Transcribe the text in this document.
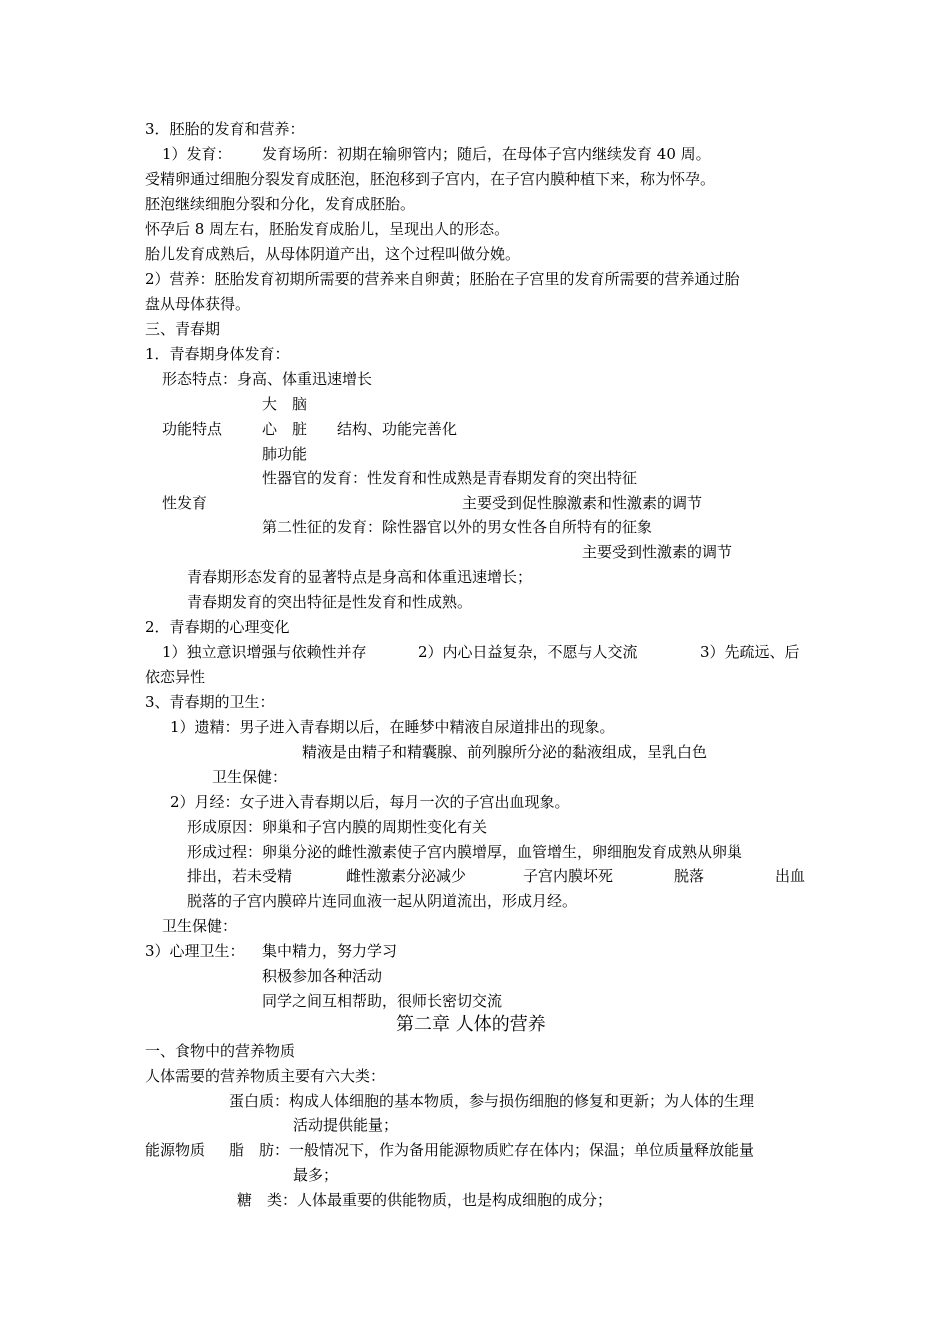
3．胚胎的发育和营养：
1）发育： 发育场所：初期在输卵管内；随后，在母体子宫内继续发育 40 周。
受精卵通过细胞分裂发育成胚泡，胚泡移到子宫内，在子宫内膜种植下来，称为怀孕。
胚泡继续细胞分裂和分化，发育成胚胎。
怀孕后 8 周左右，胚胎发育成胎儿，呈现出人的形态。
胎儿发育成熟后，从母体阴道产出，这个过程叫做分娩。
2）营养：胚胎发育初期所需要的营养来自卵黄；胚胎在子宫里的发育所需要的营养通过胎
盘从母体获得。
三、青春期
1．青春期身体发育：
形态特点：身高、体重迅速增长
大　脑
功能特点	心　脏 结构、功能完善化
肺功能
性器官的发育：性发育和性成熟是青春期发育的突出特征
性发育	主要受到促性腺激素和性激素的调节
第二性征的发育：除性器官以外的男女性各自所特有的征象
主要受到性激素的调节
青春期形态发育的显著特点是身高和体重迅速增长；
青春期发育的突出特征是性发育和性成熟。
2．青春期的心理变化
1）独立意识增强与依赖性并存	2）内心日益复杂，不愿与人交流	3）先疏远、后
依恋异性
3、青春期的卫生：
1）遗精：男子进入青春期以后，在睡梦中精液自尿道排出的现象。
精液是由精子和精囊腺、前列腺所分泌的黏液组成，呈乳白色
卫生保健：
2）月经：女子进入青春期以后，每月一次的子宫出血现象。
形成原因：卵巢和子宫内膜的周期性变化有关
形成过程：卵巢分泌的雌性激素使子宫内膜增厚，血管增生，卵细胞发育成熟从卵巢
排出，若未受精	雌性激素分泌减少	子宫内膜坏死	脱落	出血
脱落的子宫内膜碎片连同血液一起从阴道流出，形成月经。
卫生保健：
3）心理卫生： 集中精力，努力学习
积极参加各种活动
同学之间互相帮助，很师长密切交流
第二章 人体的营养
一、食物中的营养物质
人体需要的营养物质主要有六大类：
蛋白质：构成人体细胞的基本物质，参与损伤细胞的修复和更新；为人体的生理
活动提供能量；
能源物质 脂　肪：一般情况下，作为备用能源物质贮存在体内；保温；单位质量释放能量
最多；
糖　类：人体最重要的供能物质，也是构成细胞的成分；
